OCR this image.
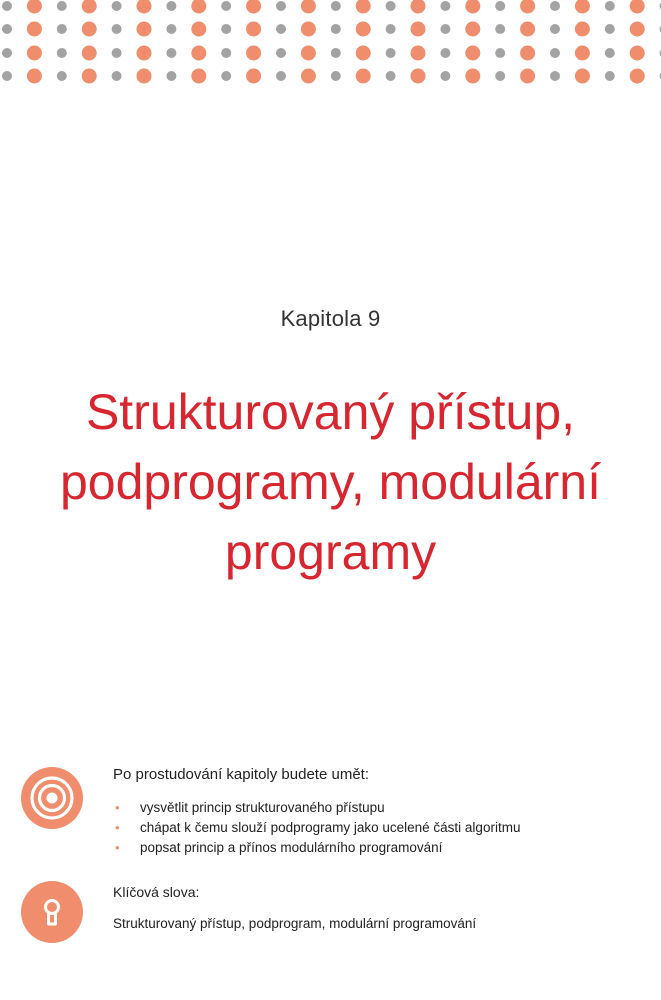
Kapitola 9
Strukturovaný přístup,
podprogramy, modulární
programy
Po prostudování kapitoly budete umět:
• vysvětlit princip strukturovaného přístupu
• chápat k čemu slouží podprogramy jako ucelené části algoritmu
• popsat princip a přínos modulárního programování
Klíčová slova:
Strukturovaný přístup, podprogram, modulární programování
